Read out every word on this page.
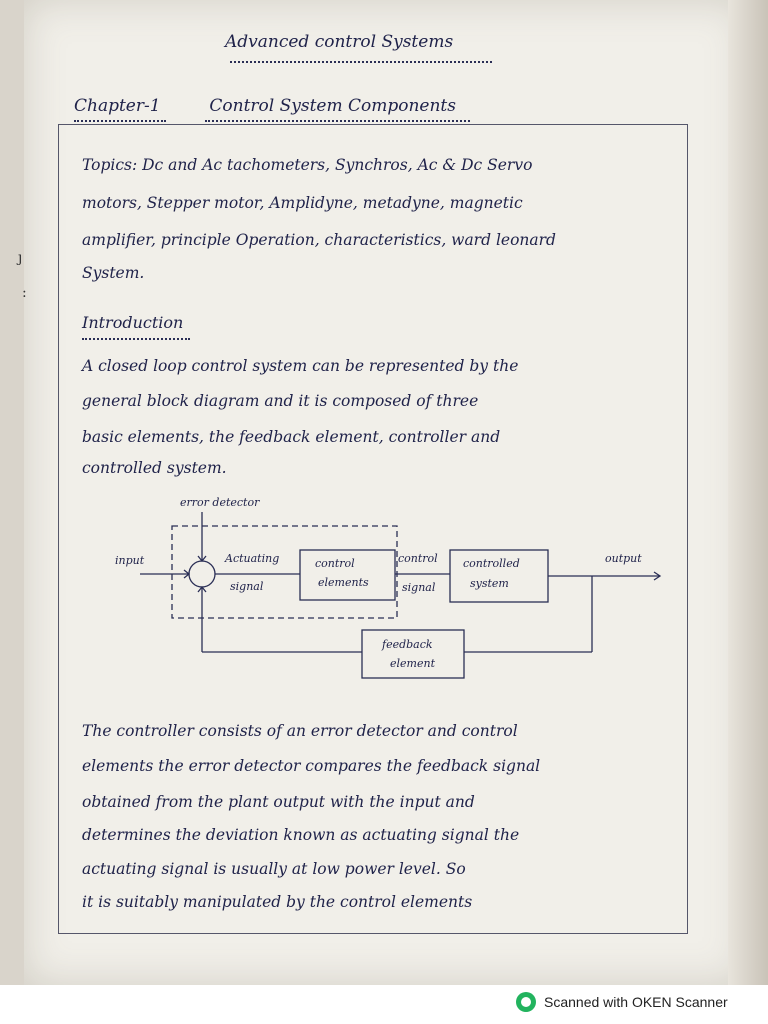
ȷ
:
Advanced control Systems
Chapter-1	Control System Components
Topics: Dc and Ac tachometers, Synchros, Ac & Dc Servo
motors, Stepper motor, Amplidyne, metadyne, magnetic
amplifier, principle Operation, characteristics, ward leonard
System.
Introduction
A closed loop control system can be represented by the
general block diagram and it is composed of three
basic elements, the feedback element, controller and
controlled system.
error detector
input	Actuating
signal
control
elements
control
signal
controlled
system
output
feedback
element
The controller consists of an error detector and control
elements the error detector compares the feedback signal
obtained from the plant output with the input and
determines the deviation known as actuating signal the
actuating signal is usually at low power level. So
it is suitably manipulated by the control elements
Scanned with OKEN Scanner
